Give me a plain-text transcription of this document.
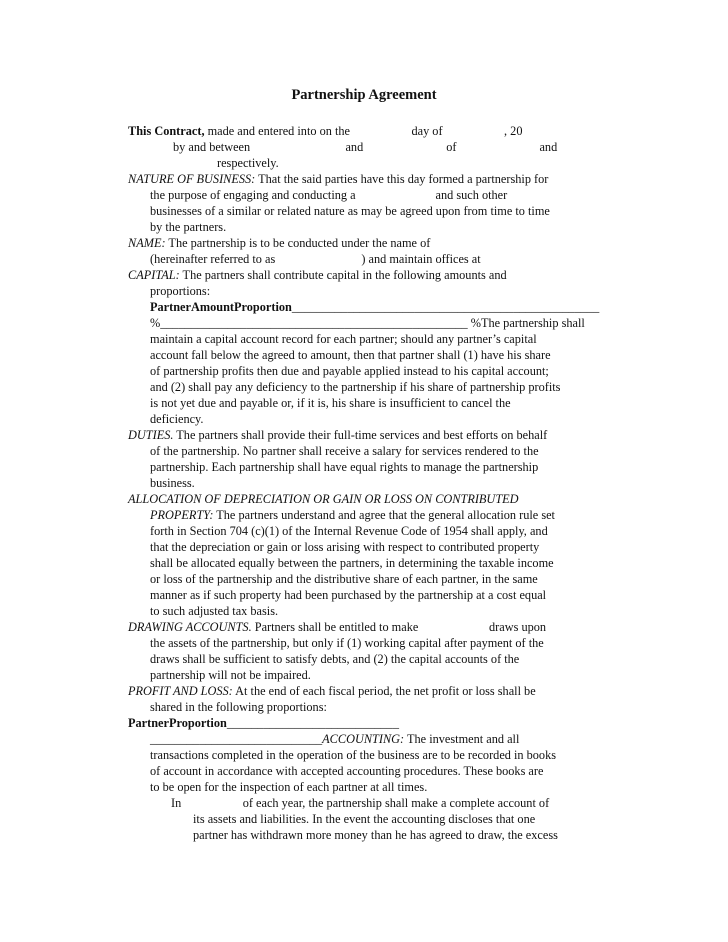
Partnership Agreement
This Contract, made and entered into on the                    day of                    , 20
by and between                               and                           of                           and
respectively.
NATURE OF BUSINESS: That the said parties have this day formed a partnership for
the purpose of engaging and conducting a                          and such other
businesses of a similar or related nature as may be agreed upon from time to time
by the partners.
NAME: The partnership is to be conducted under the name of
(hereinafter referred to as                            ) and maintain offices at
CAPITAL: The partners shall contribute capital in the following amounts and
proportions:
PartnerAmountProportion__________________________________________________
%__________________________________________________ %The partnership shall
maintain a capital account record for each partner; should any partner’s capital
account fall below the agreed to amount, then that partner shall (1) have his share
of partnership profits then due and payable applied instead to his capital account;
and (2) shall pay any deficiency to the partnership if his share of partnership profits
is not yet due and payable or, if it is, his share is insufficient to cancel the
deficiency.
DUTIES. The partners shall provide their full-time services and best efforts on behalf
of the partnership. No partner shall receive a salary for services rendered to the
partnership. Each partnership shall have equal rights to manage the partnership
business.
ALLOCATION OF DEPRECIATION OR GAIN OR LOSS ON CONTRIBUTED
PROPERTY: The partners understand and agree that the general allocation rule set
forth in Section 704 (c)(1) of the Internal Revenue Code of 1954 shall apply, and
that the depreciation or gain or loss arising with respect to contributed property
shall be allocated equally between the partners, in determining the taxable income
or loss of the partnership and the distributive share of each partner, in the same
manner as if such property had been purchased by the partnership at a cost equal
to such adjusted tax basis.
DRAWING ACCOUNTS. Partners shall be entitled to make                       draws upon
the assets of the partnership, but only if (1) working capital after payment of the
draws shall be sufficient to satisfy debts, and (2) the capital accounts of the
partnership will not be impaired.
PROFIT AND LOSS: At the end of each fiscal period, the net profit or loss shall be
shared in the following proportions:
PartnerProportion____________________________
____________________________ACCOUNTING: The investment and all
transactions completed in the operation of the business are to be recorded in books
of account in accordance with accepted accounting procedures. These books are
to be open for the inspection of each partner at all times.
In                    of each year, the partnership shall make a complete account of
its assets and liabilities. In the event the accounting discloses that one
partner has withdrawn more money than he has agreed to draw, the excess
